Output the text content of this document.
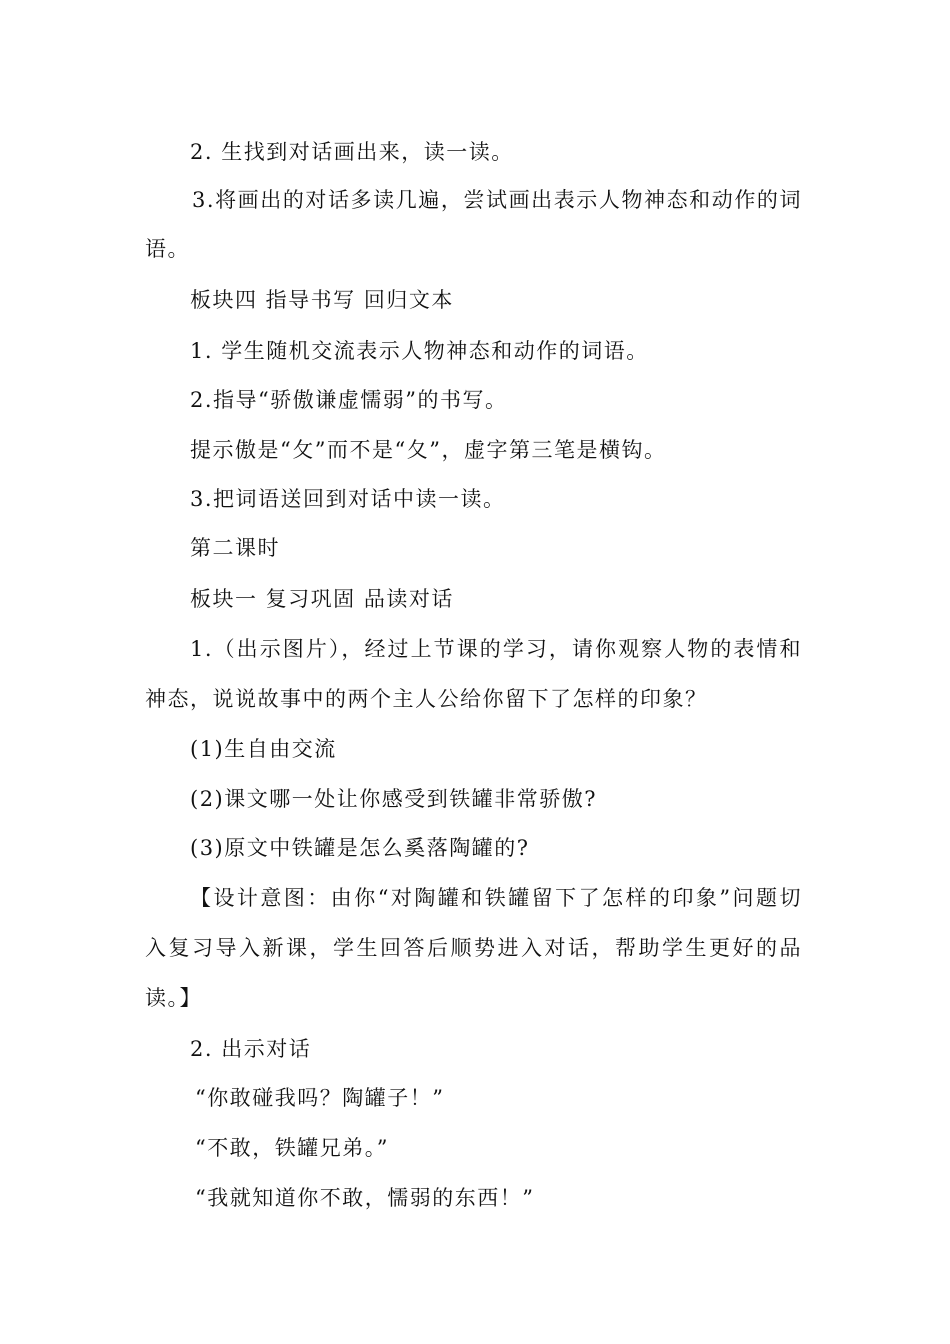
2. 生找到对话画出来，读一读。

3.将画出的对话多读几遍，尝试画出表示人物神态和动作的词

语。

板块四 指导书写 回归文本

1. 学生随机交流表示人物神态和动作的词语。

2.指导“骄傲谦虚懦弱”的书写。

提示傲是“攵”而不是“夂”，虚字第三笔是横钩。

3.把词语送回到对话中读一读。

第二课时

板块一 复习巩固 品读对话

1.（出示图片），经过上节课的学习，请你观察人物的表情和

神态，说说故事中的两个主人公给你留下了怎样的印象？

(1)生自由交流

(2)课文哪一处让你感受到铁罐非常骄傲?

(3)原文中铁罐是怎么奚落陶罐的?

【设计意图：由你“对陶罐和铁罐留下了怎样的印象”问题切

入复习导入新课，学生回答后顺势进入对话，帮助学生更好的品

读。】

2. 出示对话

“你敢碰我吗？陶罐子！”

“不敢，铁罐兄弟。”

“我就知道你不敢，懦弱的东西！”
